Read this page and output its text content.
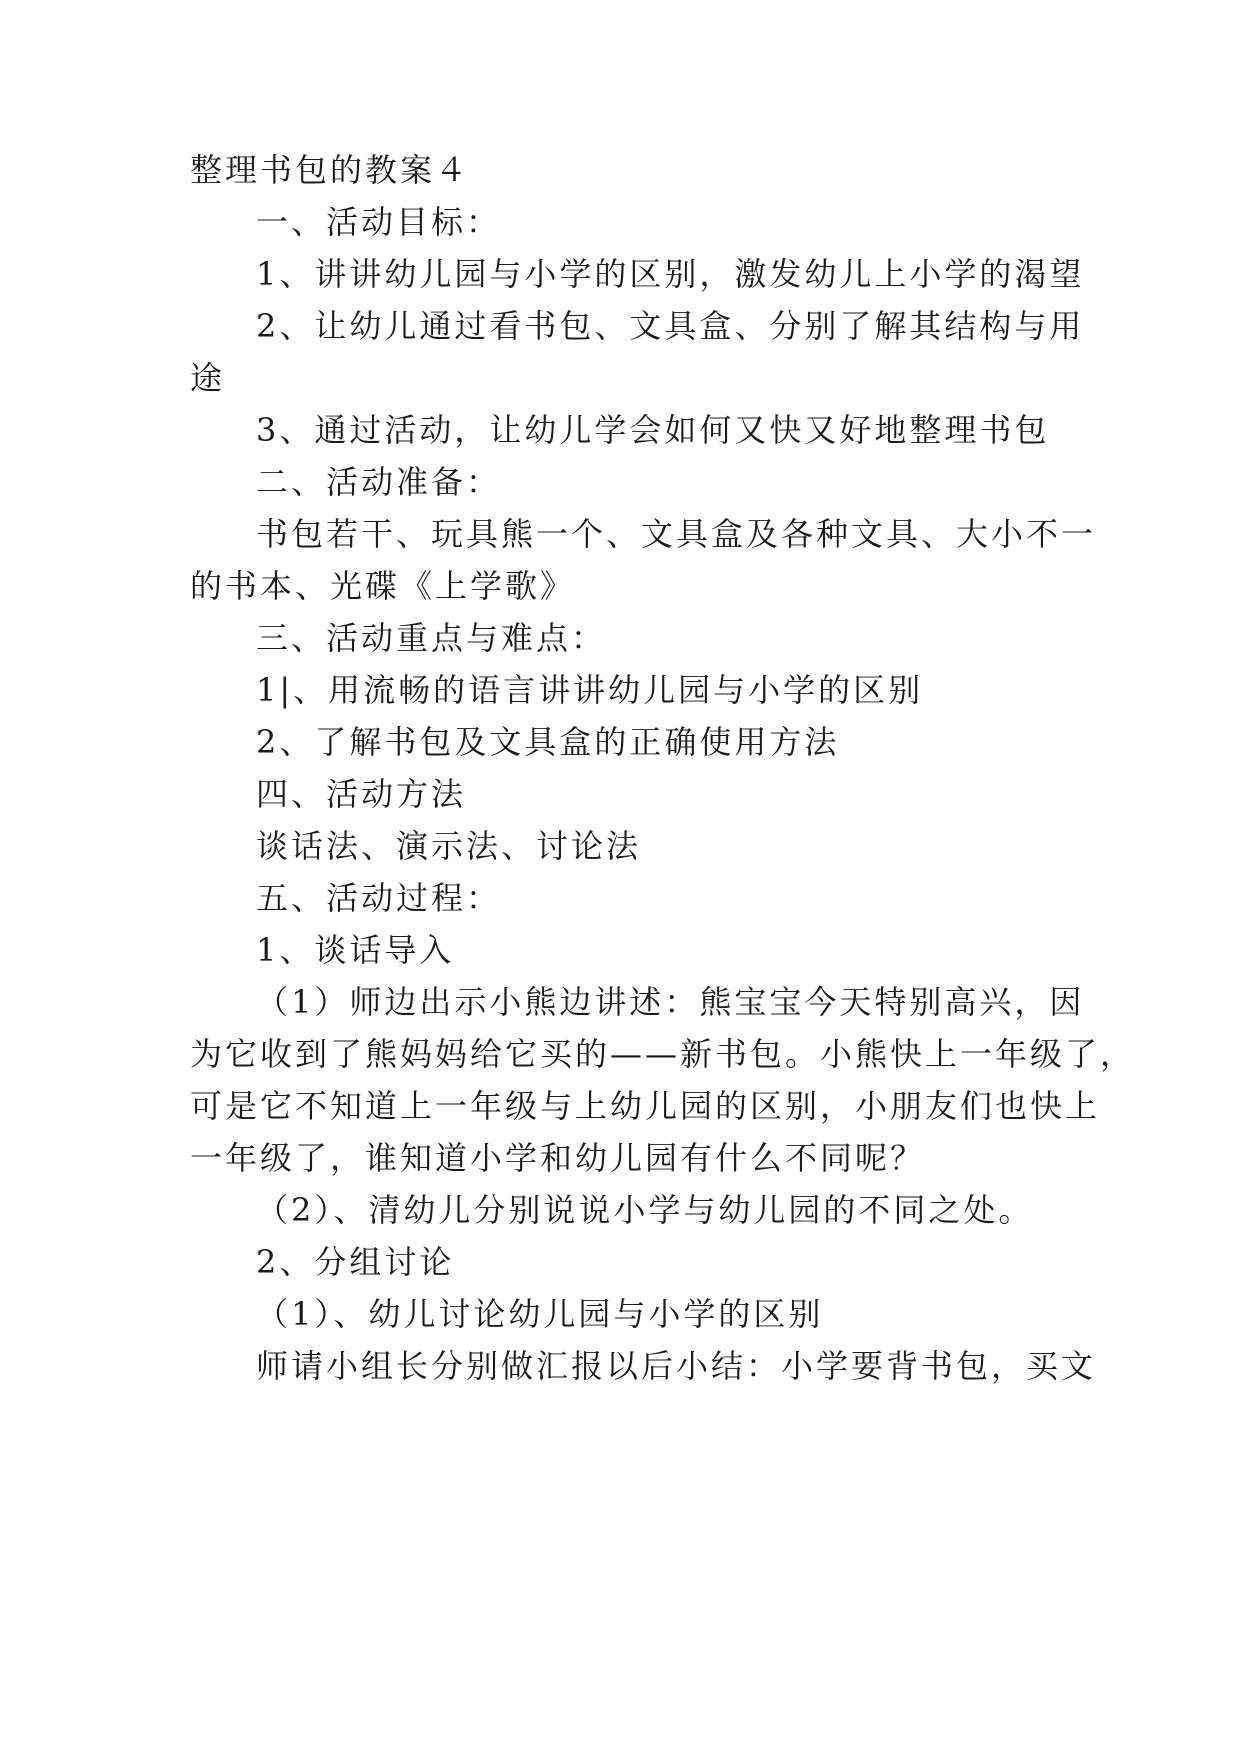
整理书包的教案４
一、活动目标：
1、讲讲幼儿园与小学的区别，激发幼儿上小学的渴望
2、让幼儿通过看书包、文具盒、分别了解其结构与用
途
3、通过活动，让幼儿学会如何又快又好地整理书包
二、活动准备：
书包若干、玩具熊一个、文具盒及各种文具、大小不一
的书本、光碟《上学歌》
三、活动重点与难点：
1|、用流畅的语言讲讲幼儿园与小学的区别
2、了解书包及文具盒的正确使用方法
四、活动方法
谈话法、演示法、讨论法
五、活动过程：
1、谈话导入
（1）师边出示小熊边讲述：熊宝宝今天特别高兴，因
为它收到了熊妈妈给它买的——新书包。小熊快上一年级了，
可是它不知道上一年级与上幼儿园的区别，小朋友们也快上
一年级了，谁知道小学和幼儿园有什么不同呢？
（2）、清幼儿分别说说小学与幼儿园的不同之处。
2、分组讨论
（1）、幼儿讨论幼儿园与小学的区别
师请小组长分别做汇报以后小结：小学要背书包，买文
